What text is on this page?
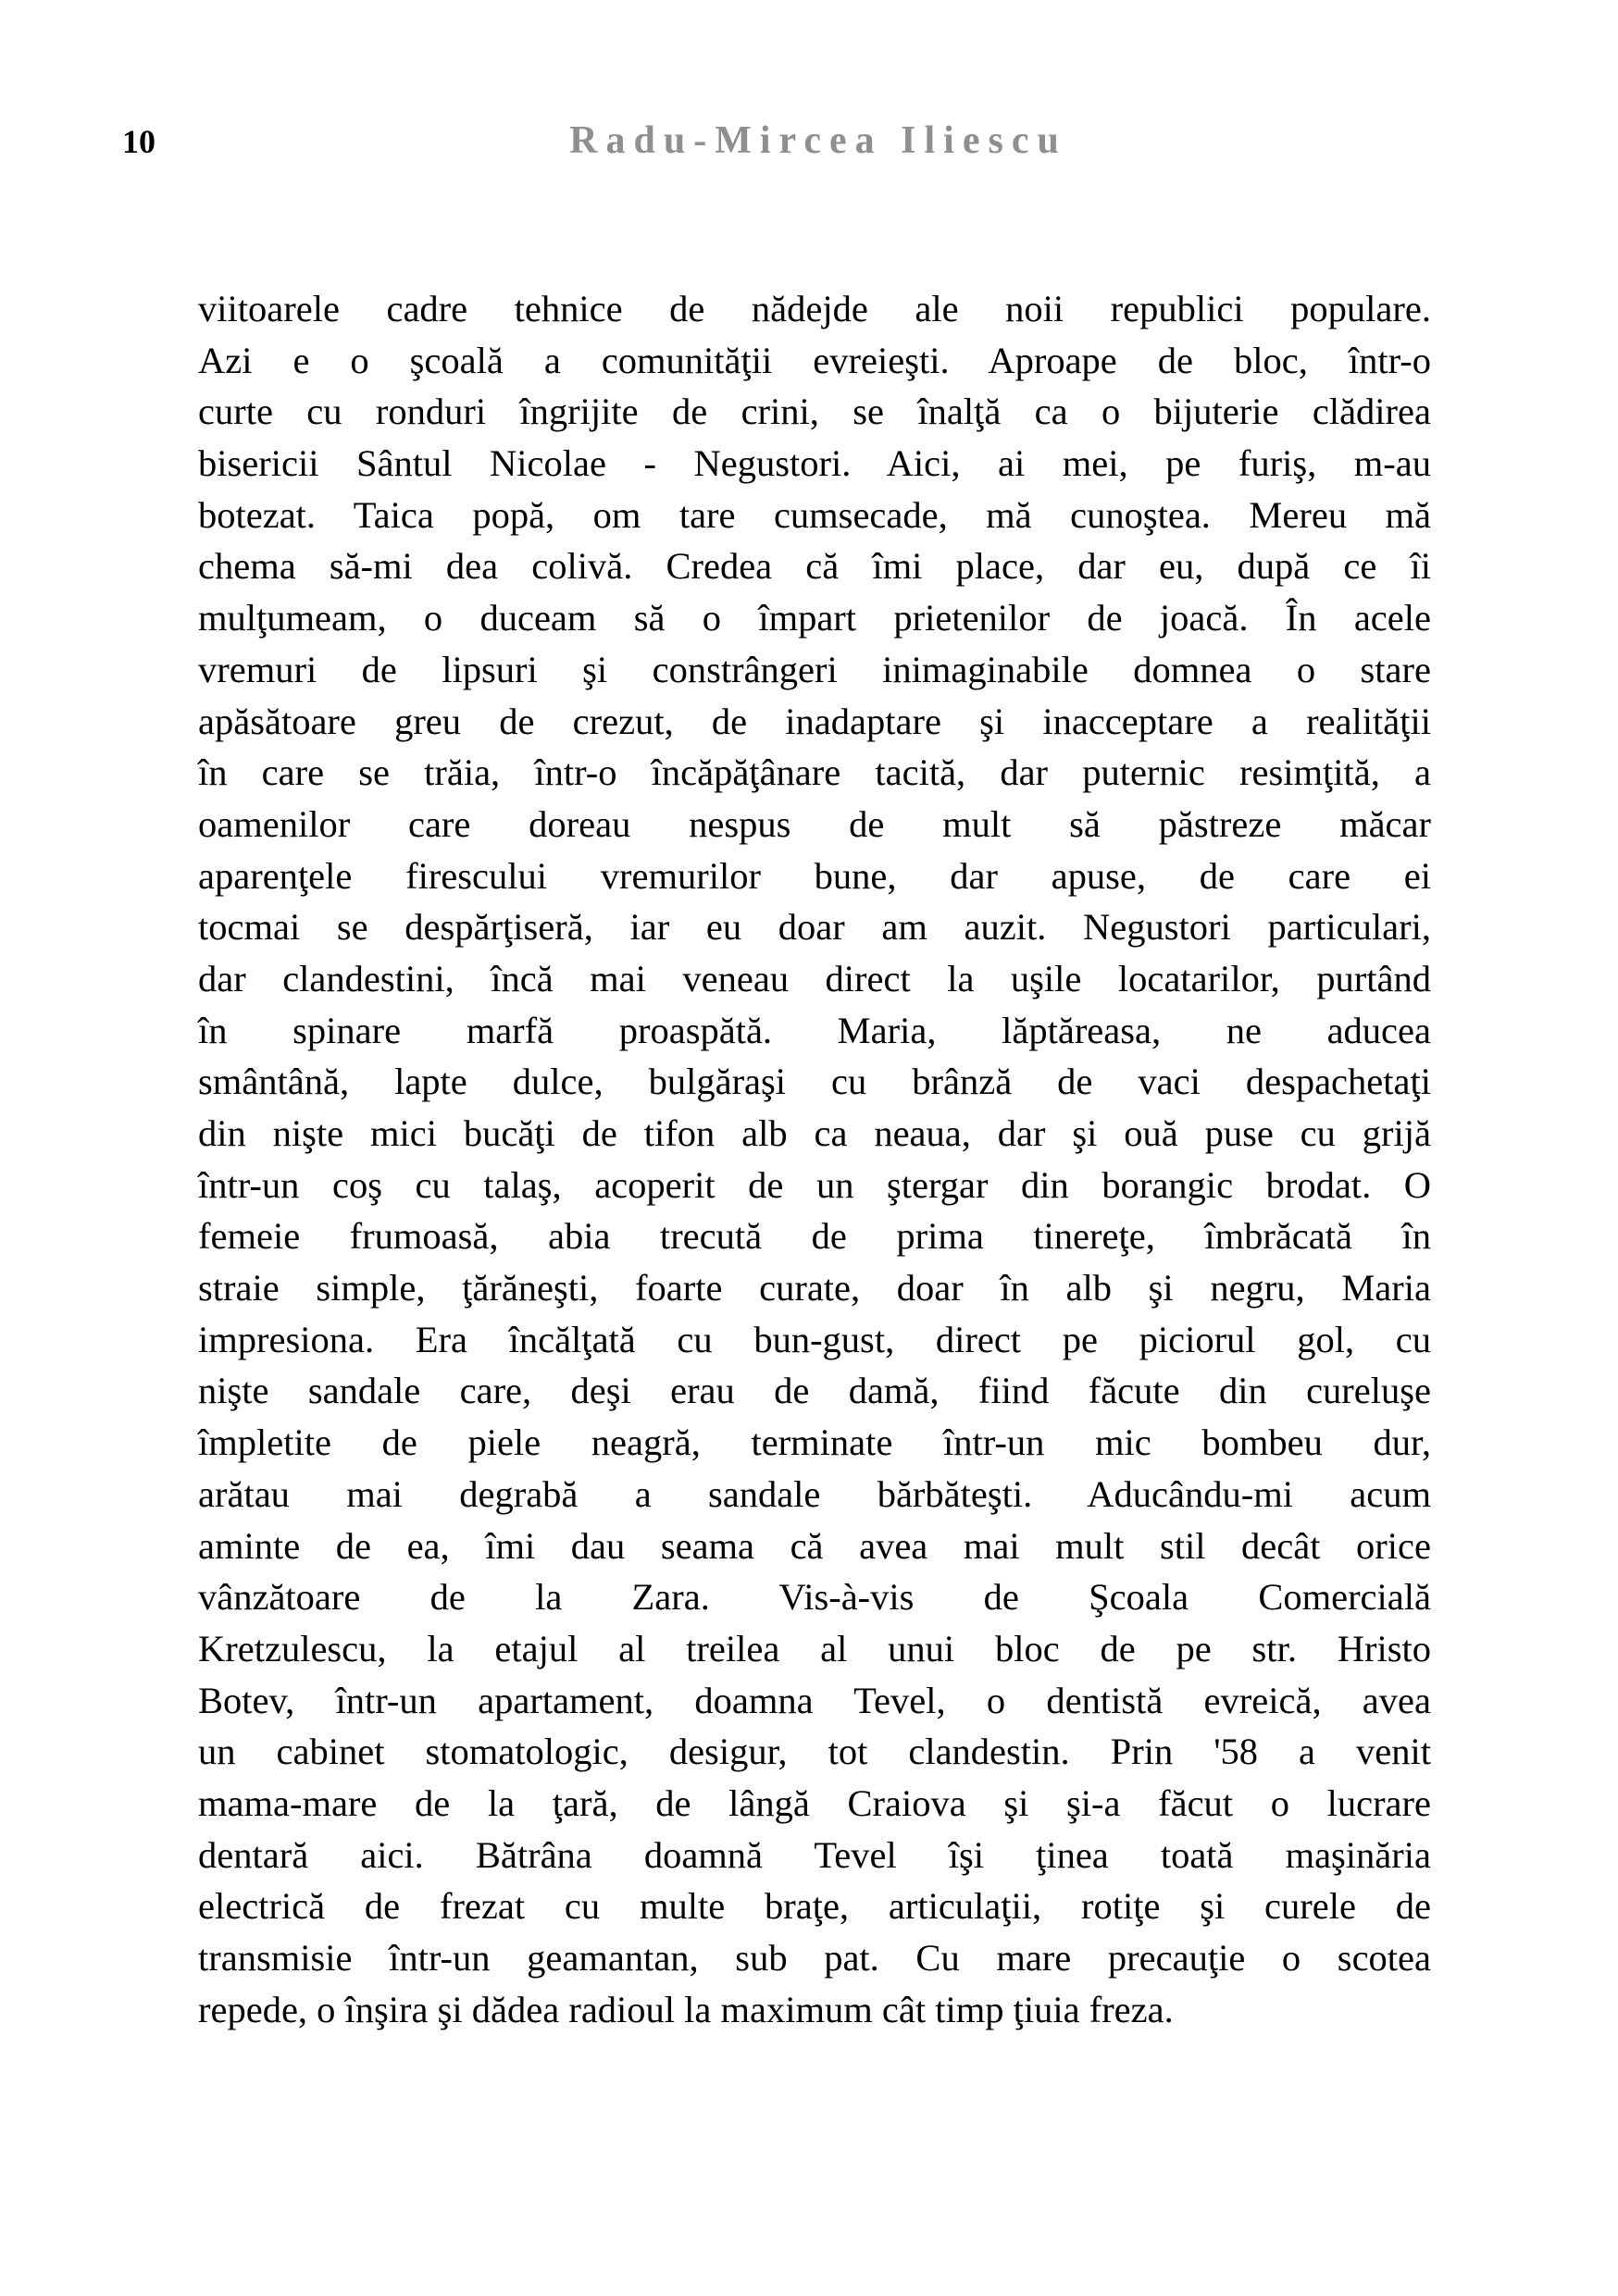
10	Radu-Mircea Iliescu
viitoarele cadre tehnice de nădejde ale noii republici populare.
Azi e o şcoală a comunităţii evreieşti. Aproape de bloc, într-o
curte cu ronduri îngrijite de crini, se înalţă ca o bijuterie clădirea
bisericii Sântul Nicolae - Negustori. Aici, ai mei, pe furiş, m-au
botezat. Taica popă, om tare cumsecade, mă cunoştea. Mereu mă
chema să-mi dea colivă. Credea că îmi place, dar eu, după ce îi
mulţumeam, o duceam să o împart prietenilor de joacă. În acele
vremuri de lipsuri şi constrângeri inimaginabile domnea o stare
apăsătoare greu de crezut, de inadaptare şi inacceptare a realităţii
în care se trăia, într-o încăpăţânare tacită, dar puternic resimţită, a
oamenilor care doreau nespus de mult să păstreze măcar
aparenţele firescului vremurilor bune, dar apuse, de care ei
tocmai se despărţiseră, iar eu doar am auzit. Negustori particulari,
dar clandestini, încă mai veneau direct la uşile locatarilor, purtând
în spinare marfă proaspătă. Maria, lăptăreasa, ne aducea
smântână, lapte dulce, bulgăraşi cu brânză de vaci despachetaţi
din nişte mici bucăţi de tifon alb ca neaua, dar şi ouă puse cu grijă
într-un coş cu talaş, acoperit de un ştergar din borangic brodat. O
femeie frumoasă, abia trecută de prima tinereţe, îmbrăcată în
straie simple, ţărăneşti, foarte curate, doar în alb şi negru, Maria
impresiona. Era încălţată cu bun-gust, direct pe piciorul gol, cu
nişte sandale care, deşi erau de damă, fiind făcute din cureluşe
împletite de piele neagră, terminate într-un mic bombeu dur,
arătau mai degrabă a sandale bărbăteşti. Aducându-mi acum
aminte de ea, îmi dau seama că avea mai mult stil decât orice
vânzătoare de la Zara. Vis-à-vis de Şcoala Comercială
Kretzulescu, la etajul al treilea al unui bloc de pe str. Hristo
Botev, într-un apartament, doamna Tevel, o dentistă evreică, avea
un cabinet stomatologic, desigur, tot clandestin. Prin '58 a venit
mama-mare de la ţară, de lângă Craiova şi şi-a făcut o lucrare
dentară aici. Bătrâna doamnă Tevel îşi ţinea toată maşinăria
electrică de frezat cu multe braţe, articulaţii, rotiţe şi curele de
transmisie într-un geamantan, sub pat. Cu mare precauţie o scotea
repede, o înşira şi dădea radioul la maximum cât timp ţiuia freza.
